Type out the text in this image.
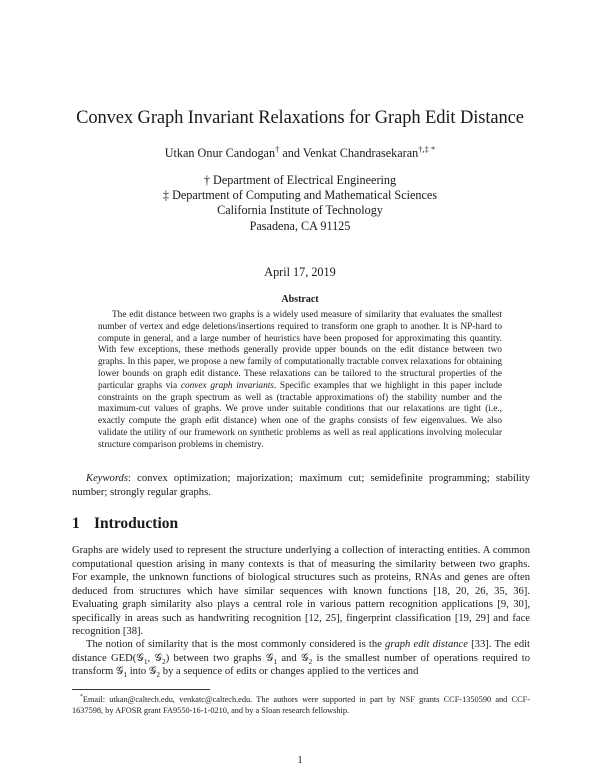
Convex Graph Invariant Relaxations for Graph Edit Distance
Utkan Onur Candogan† and Venkat Chandrasekaran†,‡ *
† Department of Electrical Engineering
‡ Department of Computing and Mathematical Sciences
California Institute of Technology
Pasadena, CA 91125
April 17, 2019
Abstract

The edit distance between two graphs is a widely used measure of similarity that evaluates the smallest number of vertex and edge deletions/insertions required to transform one graph to another. It is NP-hard to compute in general, and a large number of heuristics have been proposed for approximating this quantity. With few exceptions, these methods generally provide upper bounds on the edit distance between two graphs. In this paper, we propose a new family of computationally tractable convex relaxations for obtaining lower bounds on graph edit distance. These relaxations can be tailored to the structural properties of the particular graphs via convex graph invariants. Specific examples that we highlight in this paper include constraints on the graph spectrum as well as (tractable approximations of) the stability number and the maximum-cut values of graphs. We prove under suitable conditions that our relaxations are tight (i.e., exactly compute the graph edit distance) when one of the graphs consists of few eigenvalues. We also validate the utility of our framework on synthetic problems as well as real applications involving molecular structure comparison problems in chemistry.

Keywords: convex optimization; majorization; maximum cut; semidefinite programming; stability number; strongly regular graphs.

1 Introduction

Graphs are widely used to represent the structure underlying a collection of interacting entities. A common computational question arising in many contexts is that of measuring the similarity between two graphs. For example, the unknown functions of biological structures such as proteins, RNAs and genes are often deduced from structures which have similar sequences with known functions [18, 20, 26, 35, 36]. Evaluating graph similarity also plays a central role in various pattern recognition applications [9, 30], specifically in areas such as handwriting recognition [12, 25], fingerprint classification [19, 29] and face recognition [38].

The notion of similarity that is the most commonly considered is the graph edit distance [33]. The edit distance GED(𝒢$_1$, 𝒢$_2$) between two graphs 𝒢$_1$ and 𝒢$_2$ is the smallest number of operations required to transform 𝒢$_1$ into 𝒢$_2$ by a sequence of edits or changes applied to the vertices and

*Email: utkan@caltech.edu, venkatc@caltech.edu. The authors were supported in part by NSF grants CCF-1350590 and CCF-1637598, by AFOSR grant FA9550-16-1-0210, and by a Sloan research fellowship.

1
